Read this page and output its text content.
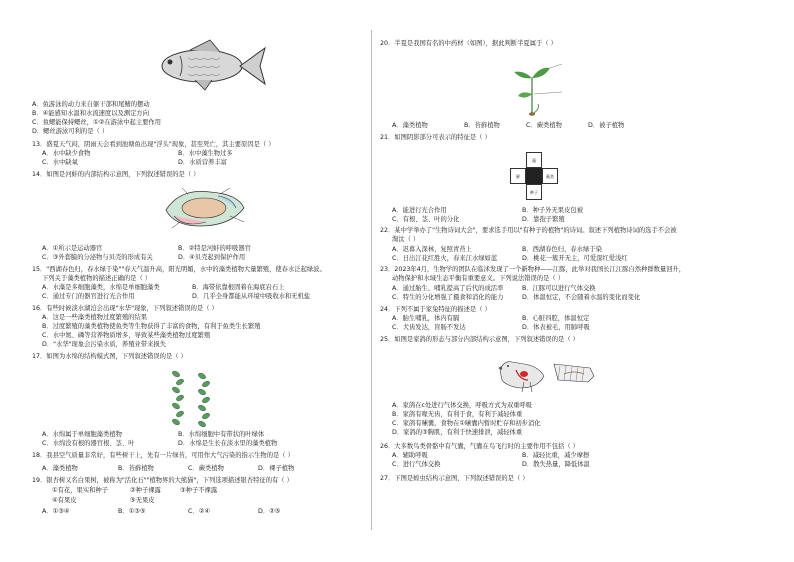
A．鱼游泳的动力来自躯干部和尾鳍的摆动
B．④能感知水温和水流速度以及测定方向
C．鱼鳃能保持鳃丝，①②在游泳中起主要作用
D．鳃丝游泳可利的是（ ）
13．盛夏天气闷，阴雨天会看到池塘鱼出现"浮头"现象，甚至死亡，其主要原因是（ ）
A．水中缺少食物	B．水中藻生物过多
C．水中缺氧	D．水质营养丰富
14．如图是河蚌的内部结构示意图，下列叙述错误的是（ ）
A．①所示是运动器官	B．②特是河蚌的呼吸器官
C．③外套膜的分泌物与贝壳的形成有关	D．④贝壳起到保护作用
15．"西湖春色归，春水绿于染""春天气温升高，阳光明媚，水中的藻类植物大量繁殖，使春水泛起绿波。
下列关于藻类植物的描述正确的是（ ）
A．水藻是多细胞藻类，水绵是单细胞藻类	B．海带依靠根固着在海底岩石上
C．通过专门的器官进行光合作用	D．几乎全身都能从环境中吸收水和无机盐
16．有些时候淡水湖泊会出现"水华"现象，下列叙述错误的是（ ）
A．这是一些藻类植物过度繁殖的结果
B．过度繁殖的藻类植物使鱼类等生物获得了丰富的食物，有利于鱼类生长繁殖
C．水中氮、磷等营养物质增多，导致某些藻类植物过度繁殖
D．"水华"现象会污染水质，养殖业带来损失
17．如图为水绵的结构模式图，下列叙述错误的是（ ）
A．水绵属于单细胞藻类植物	B．水绵细胞中有带状的叶绿体
C．水绵没有根的器官根、茎、叶	D．水绵是生长在淡水里的藻类植物
18．我县空气质量非常好，有些树干上，先有一片绿苔，可用作大气污染的指示生物的是（ ）
A．藻类植物	B．苔藓植物	C．蕨类植物	D．裸子植物
19．银杏树又名白果树，被称为"活化石""植物界的大熊猫"，下列选项描述银杏特征的有（ ）
①有花，果实和种子	②种子裸露	③种子不裸露
④有果皮	⑤无果皮
A．①③④	B．①③⑤	C．②④	D．②⑤
20．半夏是我国有名的中药材（如图），据此判断半夏属于（ ）
A．藻类植物	B．苔藓植物	C．蕨类植物	D．被子植物
21．如图阴影部分可表示的特征是（ ）
藻
藓	蕨类
种子
A．能进行光合作用	B．种子外无果皮包被
C．有根、茎、叶的分化	D．靠孢子繁殖
22．某中学举办了"生物诗词大会"，要求选手用以"有种子的植物"的诗词。叙述下列植物诗词的选手不会被
淘汰（ ）
A．迟暮入深林，复照青苔上	B．西湖春色归，春水绿于染
C．日出江花红胜火，春来江水绿如蓝	D．桃花一簇开无主，可爱深红爱浅红
23．2023年4月，生物学的团队在临沭发现了一个新物种——江豚，此举对我国长江江豚自然种群数量回升，
动物保护和水域生态平衡有重要意义。下列说法错误的是（ ）
A．通过胎生、哺乳提高了后代的成活率	B．江豚可以进行气体交换
C．特生的分化增强了摄食和消化的能力	D．体温恒定，不会随着水温的变化而变化
24．下列不属于家兔特征的描述是（ ）
A．胎生哺乳，体内有膈	B．心脏四腔，体温恒定
C．犬齿发达，盲肠不发达	D．体表被毛，用肺呼吸
25．如图是家鸽的形态与部分内部结构示意图，下列叙述错误的是（ ）
A．家鸽在c处进行气体交换，呼吸方式为双重呼吸
B．家鸽有喙无齿，有利于食，有利于减轻体重
C．家鸽有嗉囊，食物在①嗉囊内暂时贮存和初步消化
D．家鸽的③胸肌，有利于快速排泄，减轻体重
26．大多数鸟类骨骼中有气囊，气囊在鸟飞行时的主要作用不包括（ ）
A．辅助呼吸	B．减轻比重，减少摩擦
C．进行气体交换	D．散失热量，降低体温
27．下图是蝗虫结构示意图，下列叙述错误的是（ ）
